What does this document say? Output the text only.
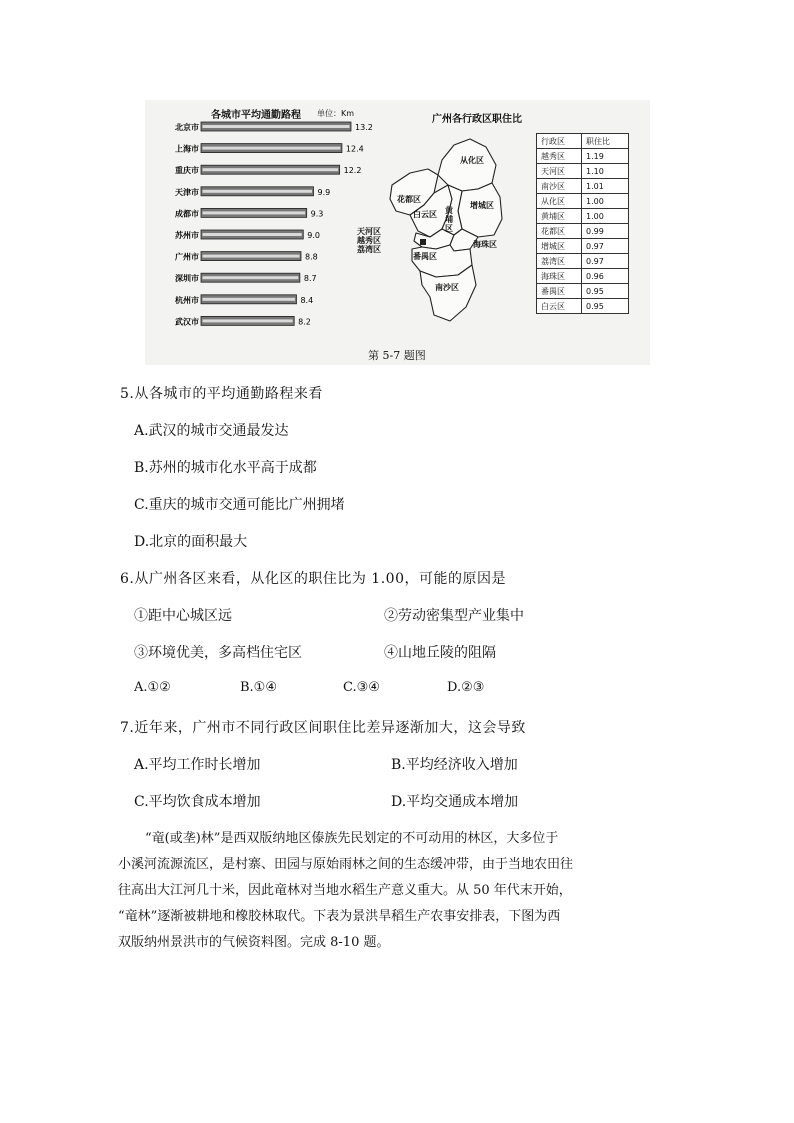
各城市平均通勤路程 单位：Km
北京市	13.2
上海市	12.4
重庆市	12.2
天津市	9.9
成都市	9.3
苏州市	9.0
广州市	8.8
深圳市	8.7
杭州市	8.4
武汉市	8.2
广州各行政区职住比
从化区
花都区
白云区 黄
埔
区
增城区
天河区
越秀区
荔湾区
海珠区
番禺区
南沙区
行政区	职住比
越秀区	1.19
天河区	1.10
南沙区	1.01
从化区	1.00
黄埔区	1.00
花都区	0.99
增城区	0.97
荔湾区	0.97
海珠区	0.96
番禺区	0.95
白云区	0.95
第 5-7 题图
5.从各城市的平均通勤路程来看
A.武汉的城市交通最发达
B.苏州的城市化水平高于成都
C.重庆的城市交通可能比广州拥堵
D.北京的面积最大
6.从广州各区来看，从化区的职住比为 1.00，可能的原因是
①距中心城区远	②劳动密集型产业集中
③环境优美，多高档住宅区	④山地丘陵的阻隔
A.①②	B.①④	C.③④	D.②③
7.近年来，广州市不同行政区间职住比差异逐渐加大，这会导致
A.平均工作时长增加	B.平均经济收入增加
C.平均饮食成本增加	D.平均交通成本增加
“竜(或垄)林”是西双版纳地区傣族先民划定的不可动用的林区，大多位于
小溪河流源流区，是村寨、田园与原始雨林之间的生态缓冲带，由于当地农田往
往高出大江河几十米，因此竜林对当地水稻生产意义重大。从 50 年代末开始，
“竜林”逐渐被耕地和橡胶林取代。下表为景洪旱稻生产农事安排表，下图为西
双版纳州景洪市的气候资料图。完成 8-10 题。
